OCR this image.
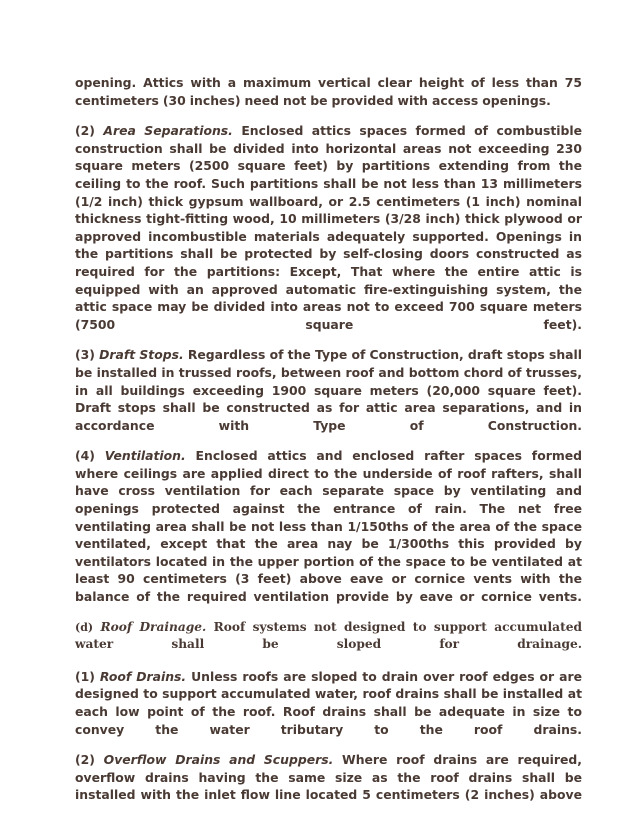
opening. Attics with a maximum vertical clear height of less than 75 centimeters (30 inches) need not be provided with access openings.

(2) Area Separations. Enclosed attics spaces formed of combustible construction shall be divided into horizontal areas not exceeding 230 square meters (2500 square feet) by partitions extending from the ceiling to the roof. Such partitions shall be not less than 13 millimeters (1/2 inch) thick gypsum wallboard, or 2.5 centimeters (1 inch) nominal thickness tight-fitting wood, 10 millimeters (3/28 inch) thick plywood or approved incombustible materials adequately supported. Openings in the partitions shall be protected by self-closing doors constructed as required for the partitions: Except, That where the entire attic is equipped with an approved automatic fire-extinguishing system, the attic space may be divided into areas not to exceed 700 square meters (7500 square feet).

(3) Draft Stops. Regardless of the Type of Construction, draft stops shall be installed in trussed roofs, between roof and bottom chord of trusses, in all buildings exceeding 1900 square meters (20,000 square feet). Draft stops shall be constructed as for attic area separations, and in accordance with Type of Construction.

(4) Ventilation. Enclosed attics and enclosed rafter spaces formed where ceilings are applied direct to the underside of roof rafters, shall have cross ventilation for each separate space by ventilating and openings protected against the entrance of rain. The net free ventilating area shall be not less than 1/150ths of the area of the space ventilated, except that the area nay be 1/300ths this provided by ventilators located in the upper portion of the space to be ventilated at least 90 centimeters (3 feet) above eave or cornice vents with the balance of the required ventilation provide by eave or cornice vents.

(d) Roof Drainage. Roof systems not designed to support accumulated water shall be sloped for drainage.

(1) Roof Drains. Unless roofs are sloped to drain over roof edges or are designed to support accumulated water, roof drains shall be installed at each low point of the roof. Roof drains shall be adequate in size to convey the water tributary to the roof drains.

(2) Overflow Drains and Scuppers. Where roof drains are required, overflow drains having the same size as the roof drains shall be installed with the inlet flow line located 5 centimeters (2 inches) above
